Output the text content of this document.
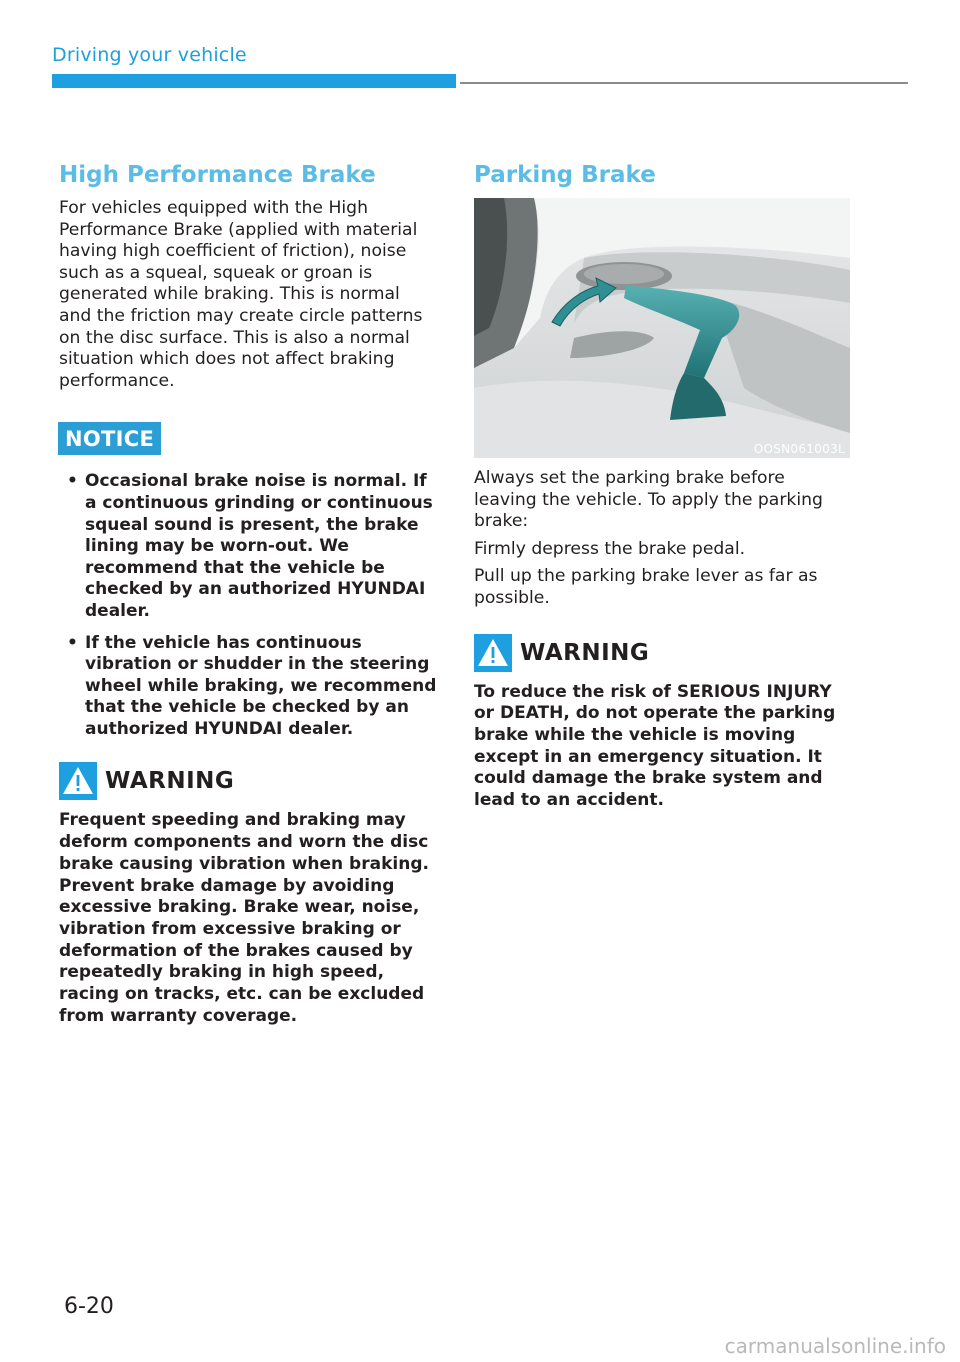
Driving your vehicle
High Performance Brake

For vehicles equipped with the High Performance Brake (applied with material having high coefficient of friction), noise such as a squeal, squeak or groan is generated while braking. This is normal and the friction may create circle patterns on the disc surface. This is also a normal situation which does not affect braking performance.

NOTICE
• Occasional brake noise is normal. If a continuous grinding or continuous squeal sound is present, the brake lining may be worn-out. We recommend that the vehicle be checked by an authorized HYUNDAI dealer.
• If the vehicle has continuous vibration or shudder in the steering wheel while braking, we recommend that the vehicle be checked by an authorized HYUNDAI dealer.
WARNING

Frequent speeding and braking may deform components and worn the disc brake causing vibration when braking. Prevent brake damage by avoiding excessive braking. Brake wear, noise, vibration from excessive braking or deformation of the brakes caused by repeatedly braking in high speed, racing on tracks, etc. can be excluded from warranty coverage.

Parking Brake
OOSN061003L

Always set the parking brake before leaving the vehicle. To apply the parking brake:

Firmly depress the brake pedal.

Pull up the parking brake lever as far as possible.

WARNING

To reduce the risk of SERIOUS INJURY or DEATH, do not operate the parking brake while the vehicle is moving except in an emergency situation. It could damage the brake system and lead to an accident.

6-20
carmanualsonline.info
